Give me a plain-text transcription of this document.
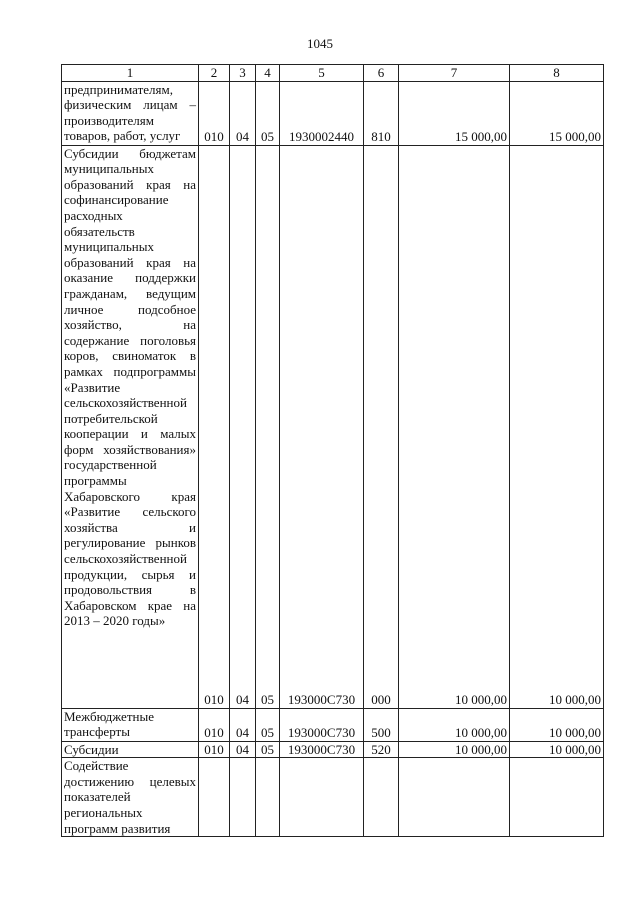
1045
1	2	3	4	5	6	7	8
предпринимателям, физическим лицам – производителям товаров, работ, услуг	010	04	05	1930002440	810	15 000,00	15 000,00
Субсидии бюджетам муниципальных образований края на софинансирование расходных обязательств муниципальных образований края на оказание поддержки гражданам, ведущим личное подсобное хозяйство, на содержание поголовья коров, свиноматок в рамках подпрограммы «Развитие сельскохозяйственной потребительской кооперации и малых форм хозяйствования» государственной программы Хабаровского края «Развитие сельского хозяйства и регулирование рынков сельскохозяйственной продукции, сырья и продовольствия в Хабаровском крае на 2013 – 2020 годы»	010	04	05	193000С730	000	10 000,00	10 000,00
Межбюджетные трансферты	010	04	05	193000С730	500	10 000,00	10 000,00
Субсидии	010	04	05	193000С730	520	10 000,00	10 000,00
Содействие достижению целевых показателей региональных программ развития							
